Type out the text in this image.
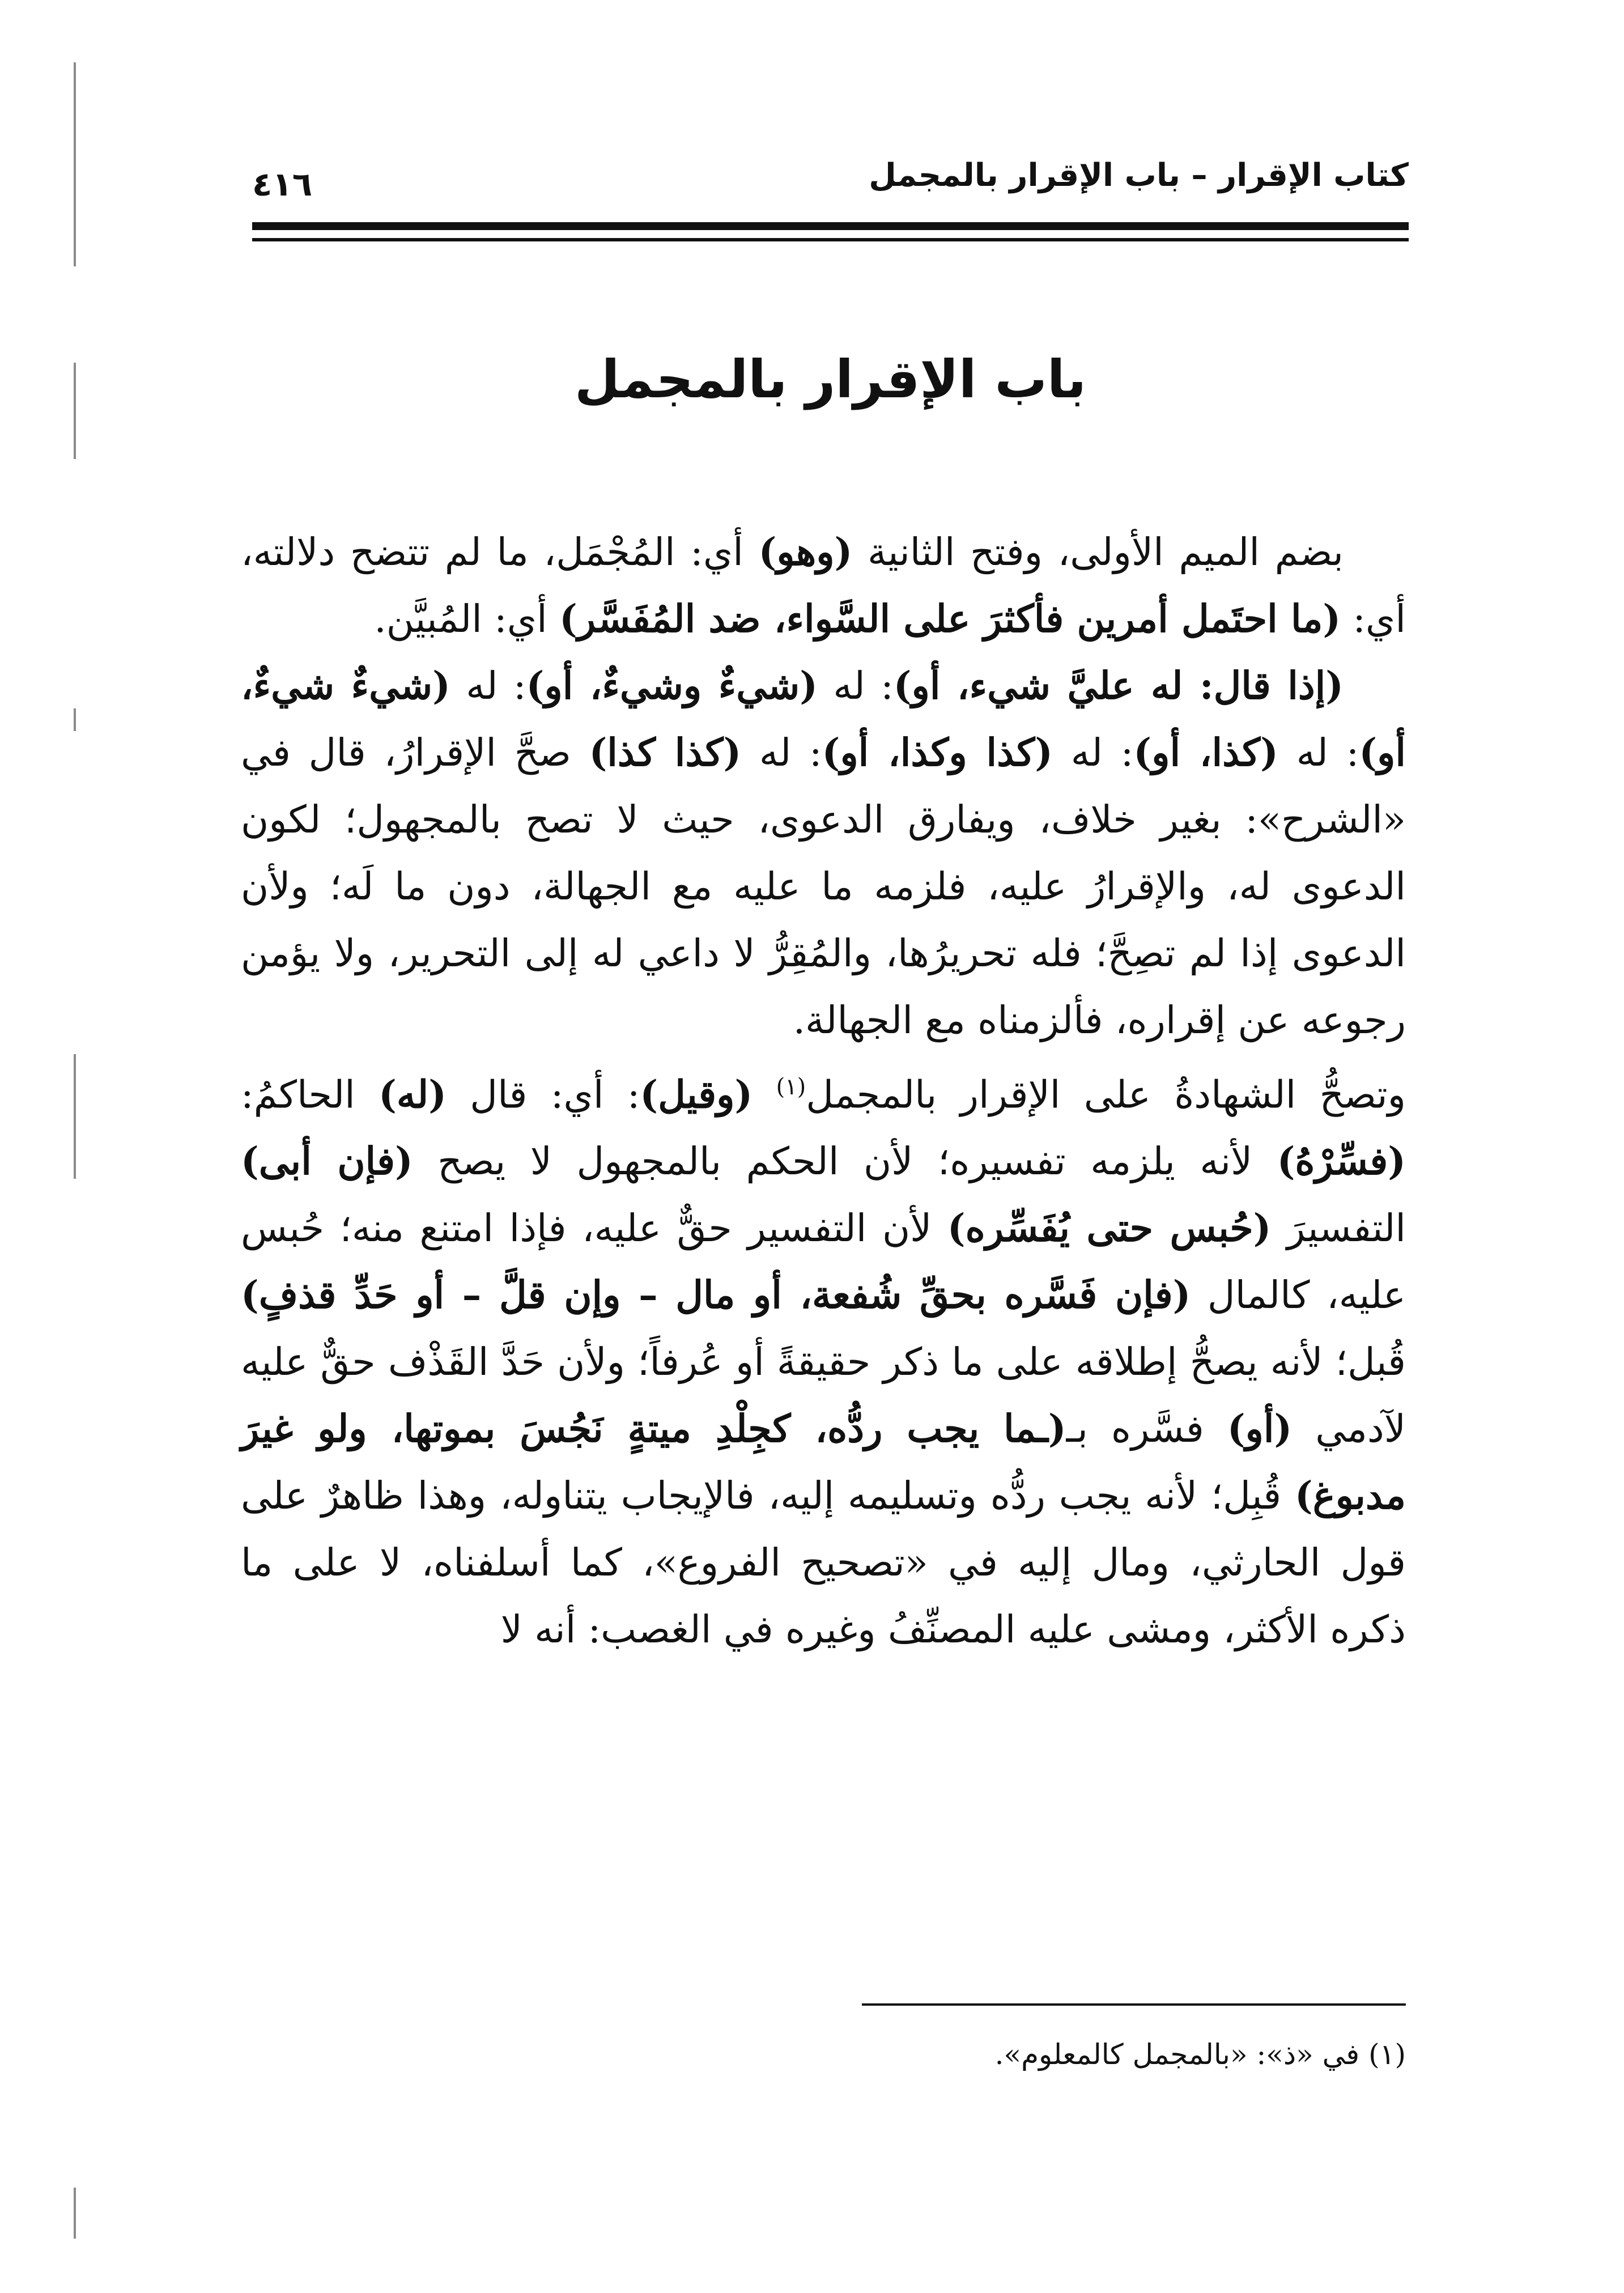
كتاب الإقرار – باب الإقرار بالمجمل
٤١٦
باب الإقرار بالمجمل

بضم الميم الأولى، وفتح الثانية (وهو) أي: المُجْمَل، ما لم تتضح دلالته، أي: (ما احتَمل أمرين فأكثرَ على السَّواء، ضد المُفَسَّر) أي: المُبيَّن.

(إذا قال: له عليَّ شيء، أو): له (شيءٌ وشيءٌ، أو): له (شيءٌ شيءٌ، أو): له (كذا، أو): له (كذا وكذا، أو): له (كذا كذا) صحَّ الإقرارُ، قال في «الشرح»: بغير خلاف، ويفارق الدعوى، حيث لا تصح بالمجهول؛ لكون الدعوى له، والإقرارُ عليه، فلزمه ما عليه مع الجهالة، دون ما لَه؛ ولأن الدعوى إذا لم تصِحَّ؛ فله تحريرُها، والمُقِرُّ لا داعي له إلى التحرير، ولا يؤمن رجوعه عن إقراره، فألزمناه مع الجهالة.

وتصحُّ الشهادةُ على الإقرار بالمجمل$^{(١)}$ (وقيل): أي: قال (له) الحاكمُ: (فسِّرْهُ) لأنه يلزمه تفسيره؛ لأن الحكم بالمجهول لا يصح (فإن أبى) التفسيرَ (حُبس حتى يُفَسِّره) لأن التفسير حقٌّ عليه، فإذا امتنع منه؛ حُبس عليه، كالمال (فإن فَسَّره بحقِّ شُفعة، أو مال – وإن قلَّ – أو حَدِّ قذفٍ) قُبل؛ لأنه يصحُّ إطلاقه على ما ذكر حقيقةً أو عُرفاً؛ ولأن حَدَّ القَذْف حقٌّ عليه لآدمي (أو) فسَّره بـ(ـما يجب ردُّه، كجِلْدِ ميتةٍ نَجُسَ بموتها، ولو غيرَ مدبوغ) قُبِل؛ لأنه يجب ردُّه وتسليمه إليه، فالإيجاب يتناوله، وهذا ظاهرٌ على قول الحارثي، ومال إليه في «تصحيح الفروع»، كما أسلفناه، لا على ما ذكره الأكثر، ومشى عليه المصنِّفُ وغيره في الغصب: أنه لا

(١) في «ذ»: «بالمجمل كالمعلوم».
